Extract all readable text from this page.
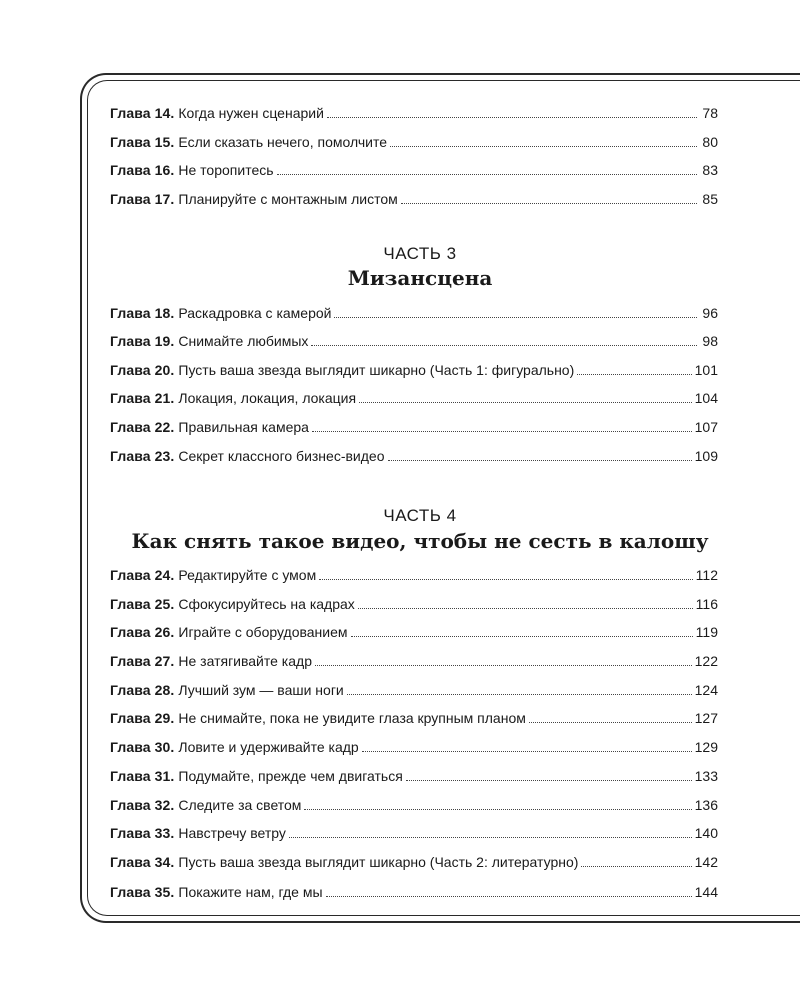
Глава 14. Когда нужен сценарий	78
Глава 15. Если сказать нечего, помолчите	80
Глава 16. Не торопитесь	83
Глава 17. Планируйте с монтажным листом	85
ЧАСТЬ 3
Мизансцена
Глава 18. Раскадровка с камерой	96
Глава 19. Снимайте любимых	98
Глава 20. Пусть ваша звезда выглядит шикарно (Часть 1: фигурально)	101
Глава 21. Локация, локация, локация	104
Глава 22. Правильная камера	107
Глава 23. Секрет классного бизнес-видео	109
ЧАСТЬ 4
Как снять такое видео, чтобы не сесть в калошу
Глава 24. Редактируйте с умом	112
Глава 25. Сфокусируйтесь на кадрах	116
Глава 26. Играйте с оборудованием	119
Глава 27. Не затягивайте кадр	122
Глава 28. Лучший зум — ваши ноги	124
Глава 29. Не снимайте, пока не увидите глаза крупным планом	127
Глава 30. Ловите и удерживайте кадр	129
Глава 31. Подумайте, прежде чем двигаться	133
Глава 32. Следите за светом	136
Глава 33. Навстречу ветру	140
Глава 34. Пусть ваша звезда выглядит шикарно (Часть 2: литературно)	142
Глава 35. Покажите нам, где мы	144
